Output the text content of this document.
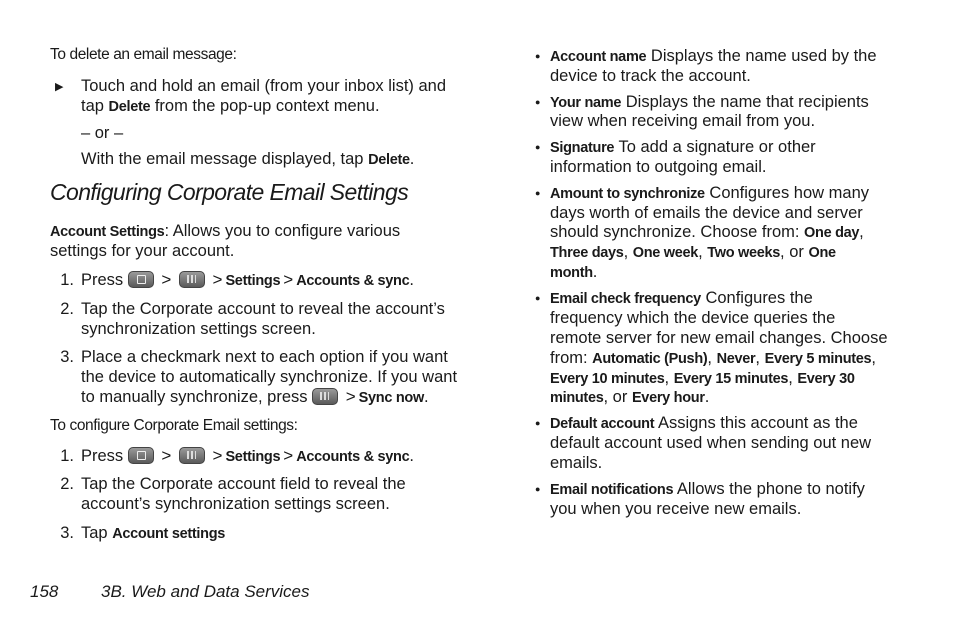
To delete an email message:
▶ Touch and hold an email (from your inbox list) and
tap Delete from the pop-up context menu.
– or –
With the email message displayed, tap Delete.
Configuring Corporate Email Settings
Account Settings: Allows you to configure various
settings for your account.
1. Press > > Settings > Accounts & sync.
2. Tap the Corporate account to reveal the account’s
synchronization settings screen.
3. Place a checkmark next to each option if you want
the device to automatically synchronize. If you want
to manually synchronize, press > Sync now.
To configure Corporate Email settings:
1. Press > > Settings > Accounts & sync.
2. Tap the Corporate account field to reveal the
account’s synchronization settings screen.
3. Tap Account settings
● Account name Displays the name used by the
device to track the account.
● Your name Displays the name that recipients
view when receiving email from you.
● Signature To add a signature or other
information to outgoing email.
● Amount to synchronize Configures how many
days worth of emails the device and server
should synchronize. Choose from: One day,
Three days, One week, Two weeks, or One
month.
● Email check frequency Configures the
frequency which the device queries the
remote server for new email changes. Choose
from: Automatic (Push), Never, Every 5 minutes,
Every 10 minutes, Every 15 minutes, Every 30
minutes, or Every hour.
● Default account Assigns this account as the
default account used when sending out new
emails.
● Email notifications Allows the phone to notify
you when you receive new emails.
158	3B. Web and Data Services
